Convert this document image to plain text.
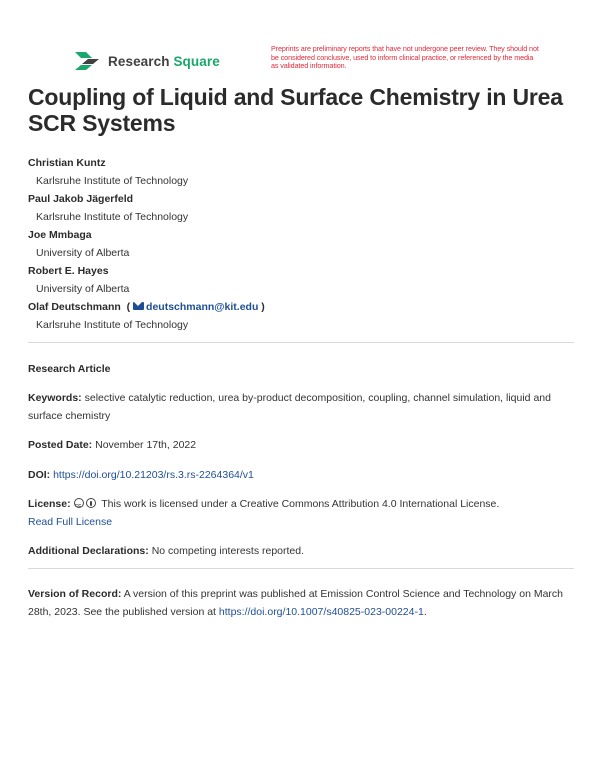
Research Square
Preprints are preliminary reports that have not undergone peer review. They should not be considered conclusive, used to inform clinical practice, or referenced by the media as validated information.
Coupling of Liquid and Surface Chemistry in Urea SCR Systems
Christian Kuntz
Karlsruhe Institute of Technology
Paul Jakob Jägerfeld
Karlsruhe Institute of Technology
Joe Mmbaga
University of Alberta
Robert E. Hayes
University of Alberta
Olaf Deutschmann  ( deutschmann@kit.edu )
Karlsruhe Institute of Technology
Research Article
Keywords: selective catalytic reduction, urea by-product decomposition, coupling, channel simulation, liquid and surface chemistry
Posted Date: November 17th, 2022
DOI: https://doi.org/10.21203/rs.3.rs-2264364/v1
License:
cc	This work is licensed under a Creative Commons Attribution 4.0 International License.
Read Full License
Additional Declarations: No competing interests reported.
Version of Record: A version of this preprint was published at Emission Control Science and Technology on March 28th, 2023. See the published version at https://doi.org/10.1007/s40825-023-00224-1.
